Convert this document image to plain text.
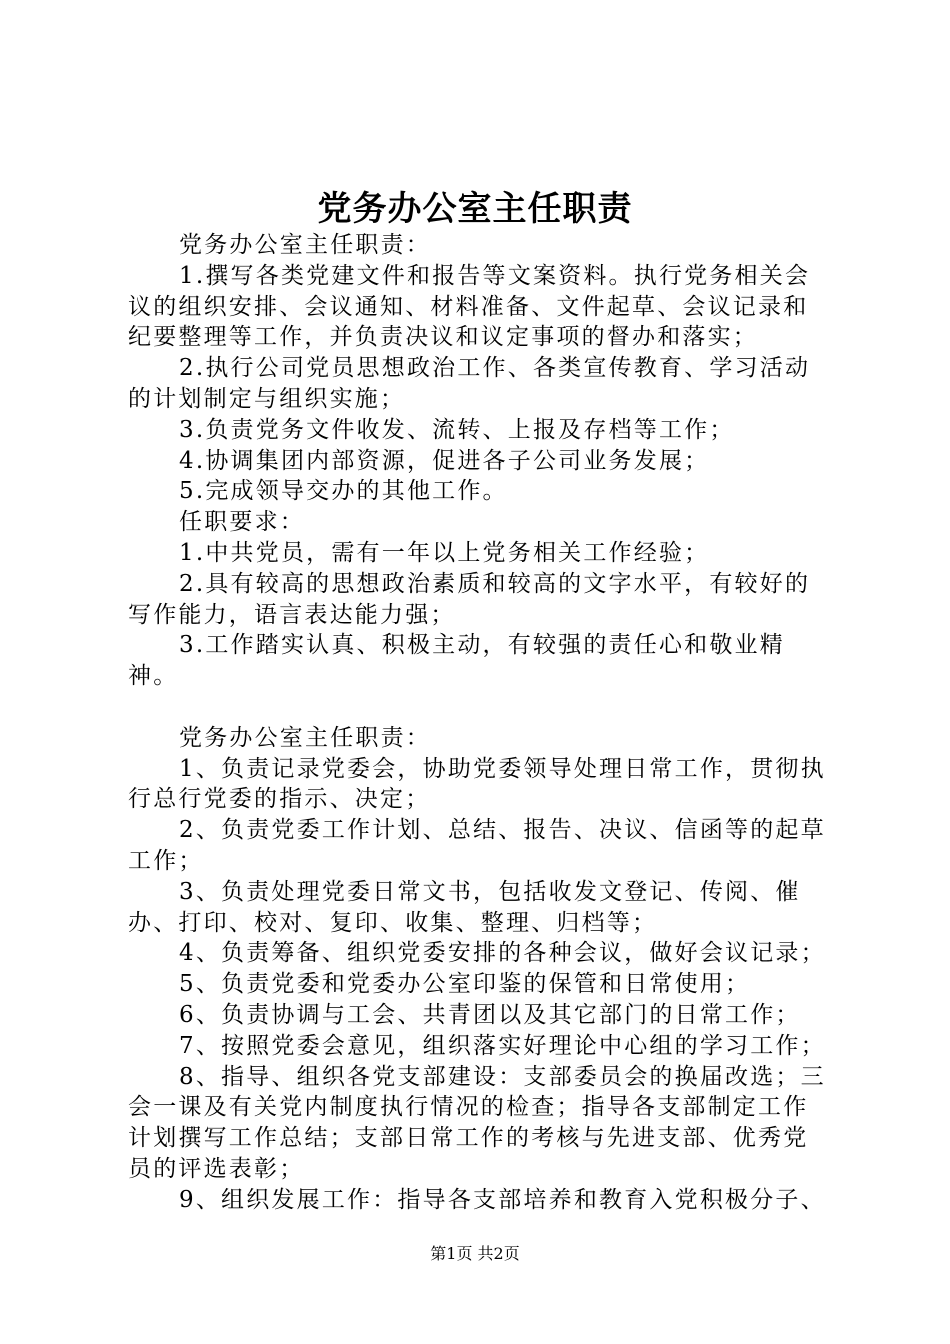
党务办公室主任职责

党务办公室主任职责：

1.撰写各类党建文件和报告等文案资料。执行党务相关会议的组织安排、会议通知、材料准备、文件起草、会议记录和纪要整理等工作，并负责决议和议定事项的督办和落实；

2.执行公司党员思想政治工作、各类宣传教育、学习活动的计划制定与组织实施；

3.负责党务文件收发、流转、上报及存档等工作；

4.协调集团内部资源，促进各子公司业务发展；

5.完成领导交办的其他工作。

任职要求：

1.中共党员，需有一年以上党务相关工作经验；

2.具有较高的思想政治素质和较高的文字水平，有较好的写作能力，语言表达能力强；

3.工作踏实认真、积极主动，有较强的责任心和敬业精神。

党务办公室主任职责：

1、负责记录党委会，协助党委领导处理日常工作，贯彻执行总行党委的指示、决定；

2、负责党委工作计划、总结、报告、决议、信函等的起草工作；

3、负责处理党委日常文书，包括收发文登记、传阅、催办、打印、校对、复印、收集、整理、归档等；

4、负责筹备、组织党委安排的各种会议，做好会议记录；

5、负责党委和党委办公室印鉴的保管和日常使用；

6、负责协调与工会、共青团以及其它部门的日常工作；

7、按照党委会意见，组织落实好理论中心组的学习工作；

8、指导、组织各党支部建设：支部委员会的换届改选；三会一课及有关党内制度执行情况的检查；指导各支部制定工作计划撰写工作总结；支部日常工作的考核与先进支部、优秀党员的评选表彰；

9、组织发展工作：指导各支部培养和教育入党积极分子、

第1页 共2页
